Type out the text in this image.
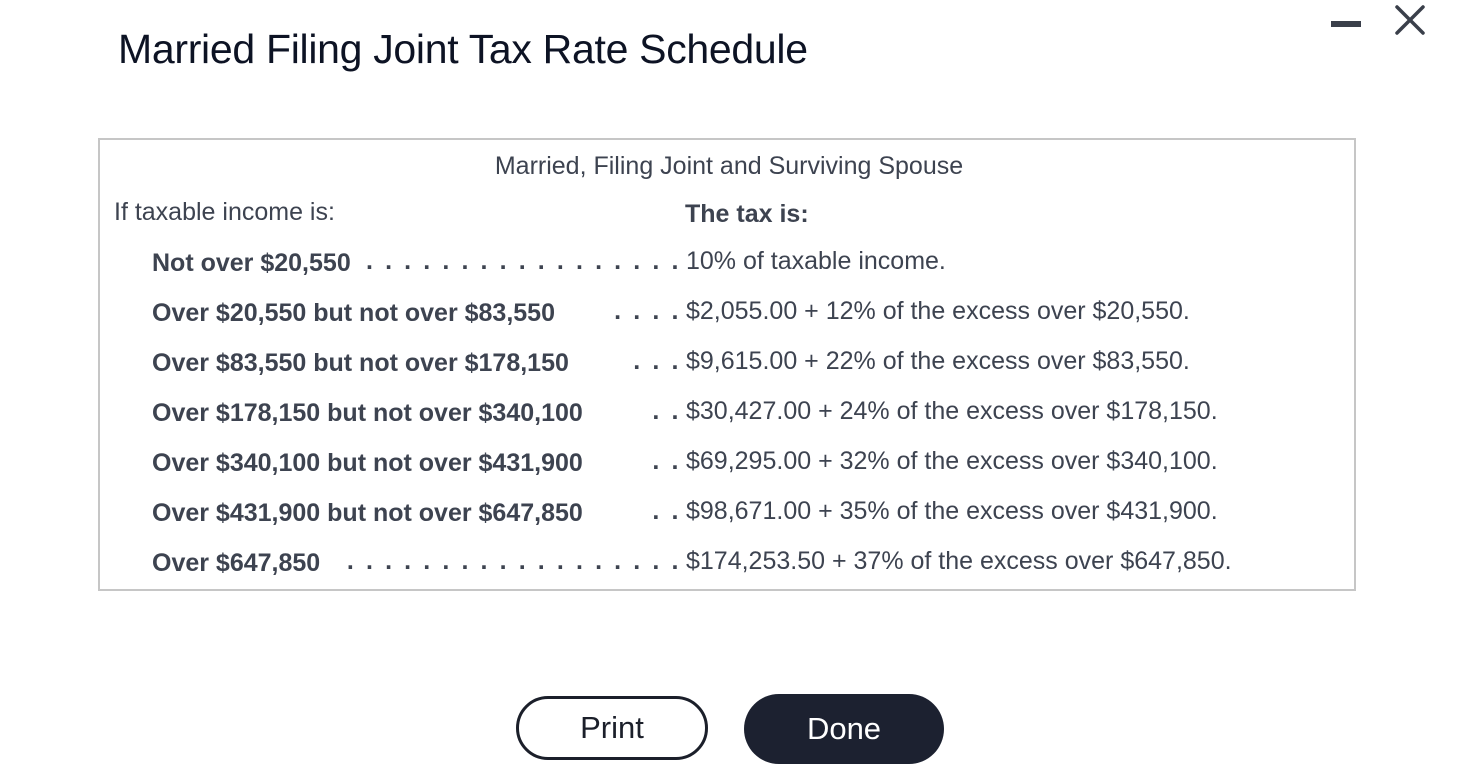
Married Filing Joint Tax Rate Schedule
Married, Filing Joint and Surviving Spouse
If taxable income is:	The tax is:
Not over $20,550 . . . . . . . . . . . . . . . . . 10% of taxable income.
Over $20,550 but not over $83,550 . . . . $2,055.00 + 12% of the excess over $20,550.
Over $83,550 but not over $178,150	. . . $9,615.00 + 22% of the excess over $83,550.
Over $178,150 but not over $340,100	. . $30,427.00 + 24% of the excess over $178,150.
Over $340,100 but not over $431,900	. . $69,295.00 + 32% of the excess over $340,100.
Over $431,900 but not over $647,850	. . $98,671.00 + 35% of the excess over $431,900.
Over $647,850 . . . . . . . . . . . . . . . . . . $174,253.50 + 37% of the excess over $647,850.
Print	Done
